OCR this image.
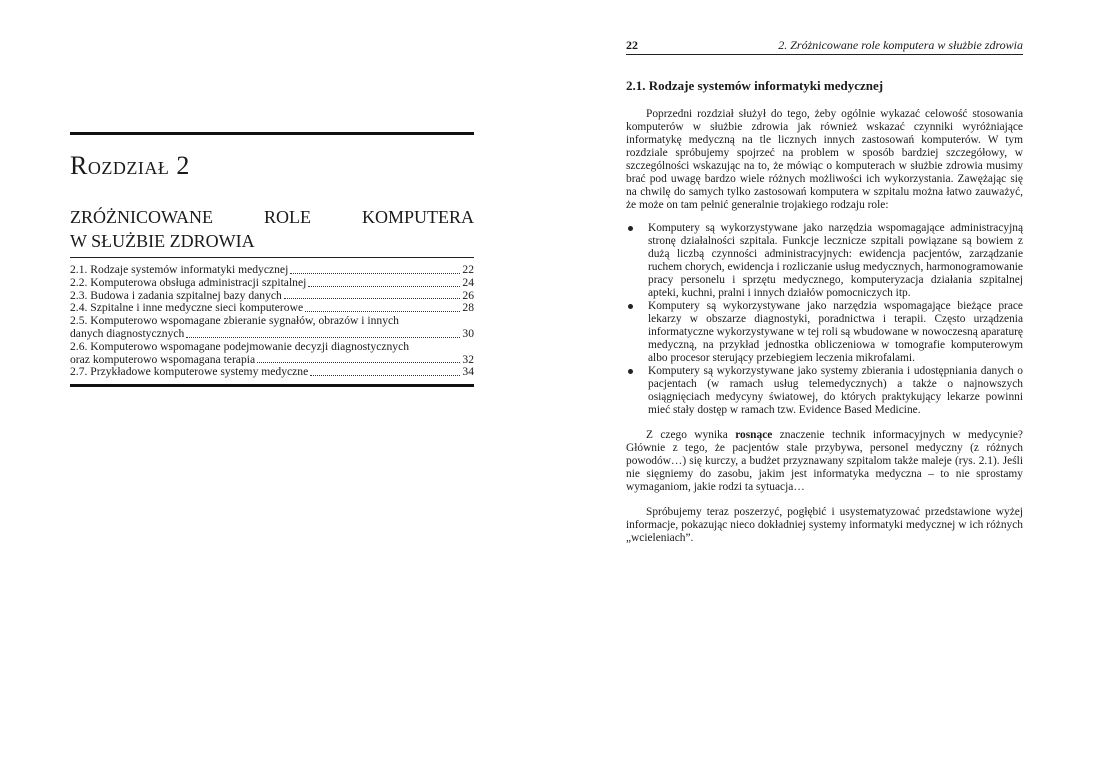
Rozdział 2
ZRÓŻNICOWANE	ROLE	KOMPUTERA
W SŁUŻBIE ZDROWIA
2.1. Rodzaje systemów informatyki medycznej	22
2.2. Komputerowa obsługa administracji szpitalnej	24
2.3. Budowa i zadania szpitalnej bazy danych	26
2.4. Szpitalne i inne medyczne sieci komputerowe	28
2.5. Komputerowo wspomagane zbieranie sygnałów, obrazów i innych
danych diagnostycznych	30
2.6. Komputerowo wspomagane podejmowanie decyzji diagnostycznych
oraz komputerowo wspomagana terapia	32
2.7. Przykładowe komputerowe systemy medyczne	34
22	2. Zróżnicowane role komputera w służbie zdrowia
2.1. Rodzaje systemów informatyki medycznej

Poprzedni rozdział służył do tego, żeby ogólnie wykazać celowość stosowania komputerów w służbie zdrowia jak również wskazać czynniki wyróżniające informatykę medyczną na tle licznych innych zastosowań komputerów. W tym rozdziale spróbujemy spojrzeć na problem w sposób bardziej szczegółowy, w szczególności wskazując na to, że mówiąc o komputerach w służbie zdrowia musimy brać pod uwagę bardzo wiele różnych możliwości ich wykorzystania. Zawężając się na chwilę do samych tylko zastosowań komputera w szpitalu można łatwo zauważyć, że może on tam pełnić generalnie trojakiego rodzaju role:

Komputery są wykorzystywane jako narzędzia wspomagające administracyjną stronę działalności szpitala. Funkcje lecznicze szpitali powiązane są bowiem z dużą liczbą czynności administracyjnych: ewidencja pacjentów, zarządzanie ruchem chorych, ewidencja i rozliczanie usług medycznych, harmonogramowanie pracy personelu i sprzętu medycznego, komputeryzacja działania szpitalnej apteki, kuchni, pralni i innych działów pomocniczych itp.
Komputery są wykorzystywane jako narzędzia wspomagające bieżące prace lekarzy w obszarze diagnostyki, poradnictwa i terapii. Często urządzenia informatyczne wykorzystywane w tej roli są wbudowane w nowoczesną aparaturę medyczną, na przykład jednostka obliczeniowa w tomografie komputerowym albo procesor sterujący przebiegiem leczenia mikrofalami.
Komputery są wykorzystywane jako systemy zbierania i udostępniania danych o pacjentach (w ramach usług telemedycznych) a także o najnowszych osiągnięciach medycyny światowej, do których praktykujący lekarze powinni mieć stały dostęp w ramach tzw. Evidence Based Medicine.

Z czego wynika rosnące znaczenie technik informacyjnych w medycynie? Głównie z tego, że pacjentów stale przybywa, personel medyczny (z różnych powodów…) się kurczy, a budżet przyznawany szpitalom także maleje (rys. 2.1). Jeśli nie sięgniemy do zasobu, jakim jest informatyka medyczna – to nie sprostamy wymaganiom, jakie rodzi ta sytuacja…

Spróbujemy teraz poszerzyć, pogłębić i usystematyzować przedstawione wyżej informacje, pokazując nieco dokładniej systemy informatyki medycznej w ich różnych „wcieleniach”.
